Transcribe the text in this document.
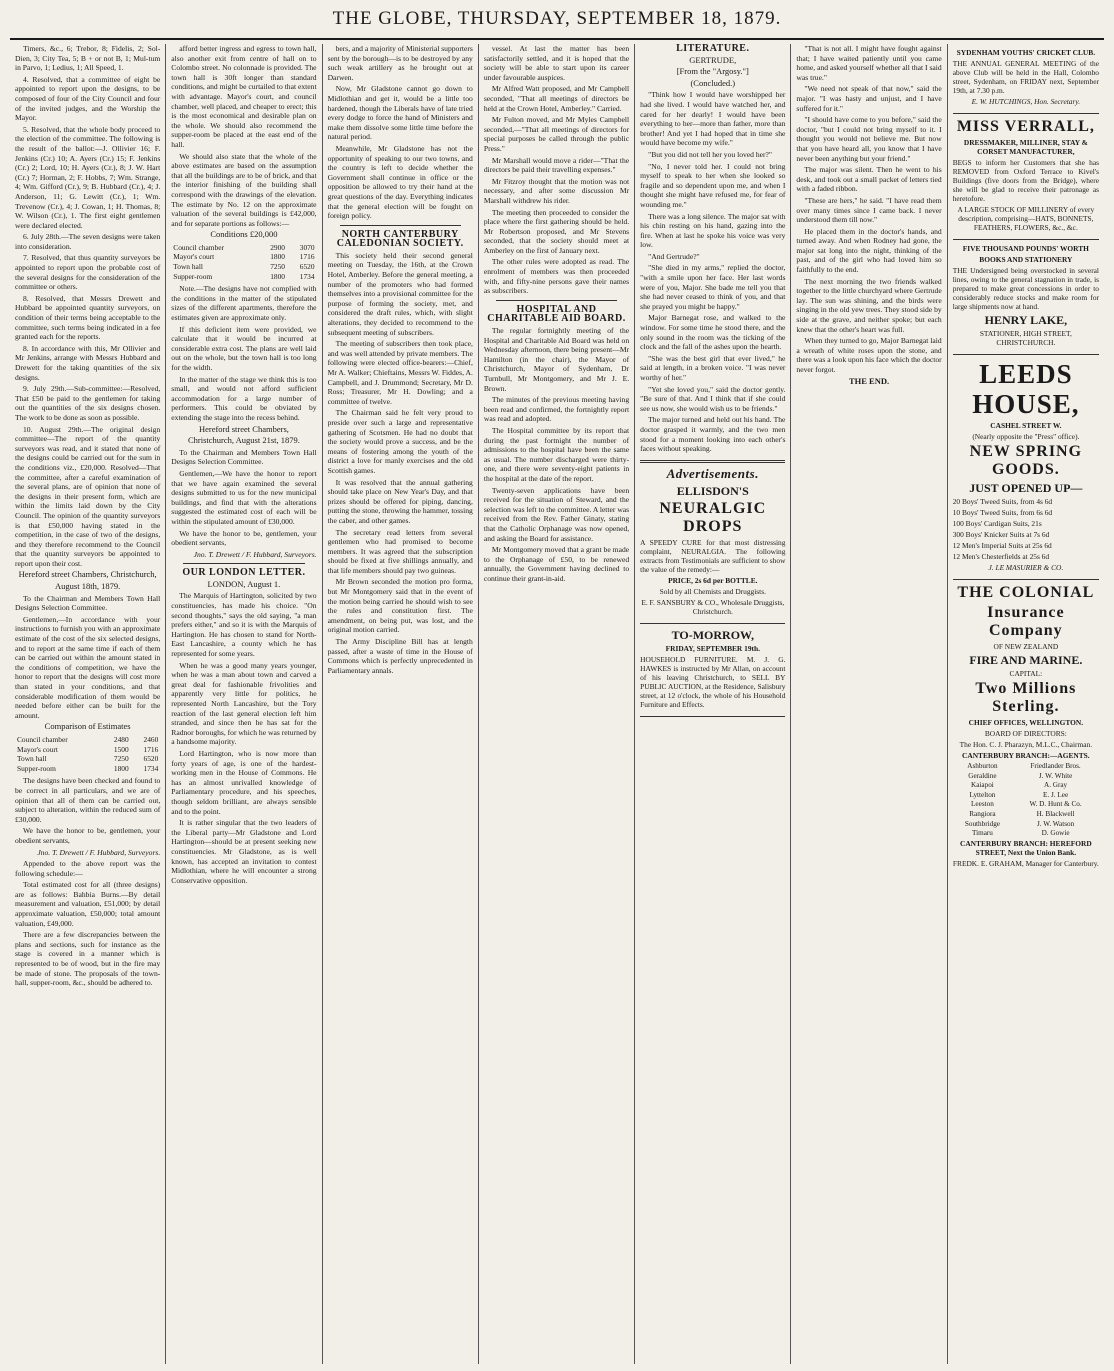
THE GLOBE, THURSDAY, SEPTEMBER 18, 1879.

Timers, &c., 6; Trebor, 8; Fidelis, 2; Sol-Dien, 3; City Tea, 5; B + or not B, 1; Mul-tum in Parvo, 1; Ledius, 1; All Speed, 1.

4. Resolved, that a committee of eight be appointed to report upon the designs, to be composed of four of the City Council and four of the invited judges, and the Worship the Mayor.

5. Resolved, that the whole body proceed to the election of the committee. The following is the result of the ballot:—J. Ollivier 16; F. Jenkins (Cr.) 10; A. Ayers (Cr.) 15; F. Jenkins (Cr.) 2; Lord, 10; H. Ayers (Cr.), 8; J. W. Hart (Cr.) 7; Horman, 2; F. Hobbs, 7; Wm. Strange, 4; Wm. Gifford (Cr.), 9; B. Hubbard (Cr.), 4; J. Anderson, 11; G. Lewitt (Cr.), 1; Wm. Trevenow (Cr.), 4; J. Cowan, 1; H. Thomas, 8; W. Wilson (Cr.), 1. The first eight gentlemen were declared elected.

6. July 28th.—The seven designs were taken into consideration.

7. Resolved, that thus quantity surveyors be appointed to report upon the probable cost of the several designs for the consideration of the committee or others.

8. Resolved, that Messrs Drewett and Hubbard be appointed quantity surveyors, on condition of their terms being acceptable to the committee, such terms being indicated in a fee granted each for the reports.

8. In accordance with this, Mr Ollivier and Mr Jenkins, arrange with Messrs Hubbard and Drewett for the taking quantities of the six designs.

9. July 29th.—Sub-committee:—Resolved, That £50 be paid to the gentlemen for taking out the quantities of the six designs chosen. The work to be done as soon as possible.

10. August 29th.—The original design committee—The report of the quantity surveyors was read, and it stated that none of the designs could be carried out for the sum in the conditions viz., £20,000. Resolved—That the committee, after a careful examination of the several plans, are of opinion that none of the designs in their present form, which are within the limits laid down by the City Council. The opinion of the quantity surveyors is that £50,000 having stated in the competition, in the case of two of the designs, and they therefore recommend to the Council that the quantity surveyors be appointed to report upon their cost.

Hereford street Chambers, Christchurch,

August 18th, 1879.

To the Chairman and Members Town Hall Designs Selection Committee.

Gentlemen,—In accordance with your instructions to furnish you with an approximate estimate of the cost of the six selected designs, and to report at the same time if each of them can be carried out within the amount stated in the conditions of competition, we have the honor to report that the designs will cost more than stated in your conditions, and that considerable modification of them would be needed before either can be built for the amount.

Comparison of Estimates

Council chamber	2480	2460
Mayor's court	1500	1716
Town hall	7250	6520
Supper-room	1800	1734

The designs have been checked and found to be correct in all particulars, and we are of opinion that all of them can be carried out, subject to alteration, within the reduced sum of £30,000.

We have the honor to be, gentlemen, your obedient servants,

Jno. T. Drewett / F. Hubbard, Surveyors.

Appended to the above report was the following schedule:—

Total estimated cost for all (three designs) are as follows: Bahbia Burns.—By detail measurement and valuation, £51,000; by detail approximate valuation, £50,000; total amount valuation, £49,000.

There are a few discrepancies between the plans and sections, such for instance as the stage is covered in a manner which is represented to be of wood, but in the fire may be made of stone. The proposals of the town-hall, supper-room, &c., should be adhered to.

afford better ingress and egress to town hall, also another exit from centre of hall on to Colombo street. No colonnade is provided. The town hall is 30ft longer than standard conditions, and might be curtailed to that extent with advantage. Mayor's court, and council chamber, well placed, and cheaper to erect; this is the most economical and desirable plan on the whole. We should also recommend the supper-room be placed at the east end of the hall.

We should also state that the whole of the above estimates are based on the assumption that all the buildings are to be of brick, and that the interior finishing of the building shall correspond with the drawings of the elevation. The estimate by No. 12 on the approximate valuation of the several buildings is £42,000, and for separate portions as follows:—

Conditions £20,000

Council chamber	2900	3070
Mayor's court	1800	1716
Town hall	7250	6520
Supper-room	1800	1734

Note.—The designs have not complied with the conditions in the matter of the stipulated sizes of the different apartments, therefore the estimates given are approximate only.

If this deficient item were provided, we calculate that it would be incurred at considerable extra cost. The plans are well laid out on the whole, but the town hall is too long for the width.

In the matter of the stage we think this is too small, and would not afford sufficient accommodation for a large number of performers. This could be obviated by extending the stage into the recess behind.

Hereford street Chambers,

Christchurch, August 21st, 1879.

To the Chairman and Members Town Hall Designs Selection Committee.

Gentlemen,—We have the honor to report that we have again examined the several designs submitted to us for the new municipal buildings, and find that with the alterations suggested the estimated cost of each will be within the stipulated amount of £30,000.

We have the honor to be, gentlemen, your obedient servants,

Jno. T. Drewett / F. Hubbard, Surveyors.

OUR LONDON LETTER.

LONDON, August 1.

The Marquis of Hartington, solicited by two constituencies, has made his choice. "On second thoughts," says the old saying, "a man prefers either," and so it is with the Marquis of Hartington. He has chosen to stand for North-East Lancashire, a county which he has represented for some years.

When he was a good many years younger, when he was a man about town and carved a great deal for fashionable frivolities and apparently very little for politics, he represented North Lancashire, but the Tory reaction of the last general election left him stranded, and since then he has sat for the Radnor boroughs, for which he was returned by a handsome majority.

Lord Hartington, who is now more than forty years of age, is one of the hardest-working men in the House of Commons. He has an almost unrivalled knowledge of Parliamentary procedure, and his speeches, though seldom brilliant, are always sensible and to the point.

It is rather singular that the two leaders of the Liberal party—Mr Gladstone and Lord Hartington—should be at present seeking new constituencies. Mr Gladstone, as is well known, has accepted an invitation to contest Midlothian, where he will encounter a strong Conservative opposition.

bers, and a majority of Ministerial supporters sent by the borough—is to be destroyed by any such weak artillery as he brought out at Darwen.

Now, Mr Gladstone cannot go down to Midlothian and get it, would be a little too hardened, though the Liberals have of late tried every dodge to force the hand of Ministers and make them dissolve some little time before the natural period.

Meanwhile, Mr Gladstone has not the opportunity of speaking to our two towns, and the country is left to decide whether the Government shall continue in office or the opposition be allowed to try their hand at the great questions of the day. Everything indicates that the general election will be fought on foreign policy.

NORTH CANTERBURY CALEDONIAN SOCIETY.

This society held their second general meeting on Tuesday, the 16th, at the Crown Hotel, Amberley. Before the general meeting, a number of the promoters who had formed themselves into a provisional committee for the purpose of forming the society, met, and considered the draft rules, which, with slight alterations, they decided to recommend to the subsequent meeting of subscribers.

The meeting of subscribers then took place, and was well attended by private members. The following were elected office-bearers:—Chief, Mr A. Walker; Chieftains, Messrs W. Fiddes, A. Campbell, and J. Drummond; Secretary, Mr D. Ross; Treasurer, Mr H. Dowling; and a committee of twelve.

The Chairman said he felt very proud to preside over such a large and representative gathering of Scotsmen. He had no doubt that the society would prove a success, and be the means of fostering among the youth of the district a love for manly exercises and the old Scottish games.

It was resolved that the annual gathering should take place on New Year's Day, and that prizes should be offered for piping, dancing, putting the stone, throwing the hammer, tossing the caber, and other games.

The secretary read letters from several gentlemen who had promised to become members. It was agreed that the subscription should be fixed at five shillings annually, and that life members should pay two guineas.

Mr Brown seconded the motion pro forma, but Mr Montgomery said that in the event of the motion being carried he should wish to see the rules and constitution first. The amendment, on being put, was lost, and the original motion carried.

The Army Discipline Bill has at length passed, after a waste of time in the House of Commons which is perfectly unprecedented in Parliamentary annals.

vessel. At last the matter has been satisfactorily settled, and it is hoped that the society will be able to start upon its career under favourable auspices.

Mr Alfred Watt proposed, and Mr Campbell seconded, "That all meetings of directors be held at the Crown Hotel, Amberley." Carried.

Mr Fulton moved, and Mr Myles Campbell seconded,—"That all meetings of directors for special purposes be called through the public Press."

Mr Marshall would move a rider—"That the directors be paid their travelling expenses."

Mr Fitzroy thought that the motion was not necessary, and after some discussion Mr Marshall withdrew his rider.

The meeting then proceeded to consider the place where the first gathering should be held. Mr Robertson proposed, and Mr Stevens seconded, that the society should meet at Amberley on the first of January next.

The other rules were adopted as read. The enrolment of members was then proceeded with, and fifty-nine persons gave their names as subscribers.

HOSPITAL AND CHARITABLE AID BOARD.

The regular fortnightly meeting of the Hospital and Charitable Aid Board was held on Wednesday afternoon, there being present—Mr Hamilton (in the chair), the Mayor of Christchurch, Mayor of Sydenham, Dr Turnbull, Mr Montgomery, and Mr J. E. Brown.

The minutes of the previous meeting having been read and confirmed, the fortnightly report was read and adopted.

The Hospital committee by its report that during the past fortnight the number of admissions to the hospital have been the same as usual. The number discharged were thirty-one, and there were seventy-eight patients in the hospital at the date of the report.

Twenty-seven applications have been received for the situation of Steward, and the selection was left to the committee. A letter was received from the Rev. Father Ginaty, stating that the Catholic Orphanage was now opened, and asking the Board for assistance.

Mr Montgomery moved that a grant be made to the Orphanage of £50, to be renewed annually, the Government having declined to continue their grant-in-aid.

LITERATURE.

GERTRUDE,

[From the "Argosy."]

(Concluded.)

"Think how I would have worshipped her had she lived. I would have watched her, and cared for her dearly! I would have been everything to her—more than father, more than brother! And yet I had hoped that in time she would have become my wife."

"But you did not tell her you loved her?"

"No, I never told her. I could not bring myself to speak to her when she looked so fragile and so dependent upon me, and when I thought she might have refused me, for fear of wounding me."

There was a long silence. The major sat with his chin resting on his hand, gazing into the fire. When at last he spoke his voice was very low.

"And Gertrude?"

"She died in my arms," replied the doctor, "with a smile upon her face. Her last words were of you, Major. She bade me tell you that she had never ceased to think of you, and that she prayed you might be happy."

Major Barnegat rose, and walked to the window. For some time he stood there, and the only sound in the room was the ticking of the clock and the fall of the ashes upon the hearth.

"She was the best girl that ever lived," he said at length, in a broken voice. "I was never worthy of her."

"Yet she loved you," said the doctor gently. "Be sure of that. And I think that if she could see us now, she would wish us to be friends."

The major turned and held out his hand. The doctor grasped it warmly, and the two men stood for a moment looking into each other's faces without speaking.

Advertisements.

ELLISDON'S

NEURALGIC DROPS

A SPEEDY CURE for that most distressing complaint, NEURALGIA. The following extracts from Testimonials are sufficient to show the value of the remedy:—

PRICE, 2s 6d per BOTTLE.

Sold by all Chemists and Druggists.

E. F. SANSBURY & CO., Wholesale Druggists, Christchurch.

TO-MORROW,

FRIDAY, SEPTEMBER 19th.

HOUSEHOLD FURNITURE. M. J. G. HAWKES is instructed by Mr Allan, on account of his leaving Christchurch, to SELL BY PUBLIC AUCTION, at the Residence, Salisbury street, at 12 o'clock, the whole of his Household Furniture and Effects.

"That is not all. I might have fought against that; I have waited patiently until you came home, and asked yourself whether all that I said was true."

"We need not speak of that now," said the major. "I was hasty and unjust, and I have suffered for it."

"I should have come to you before," said the doctor, "but I could not bring myself to it. I thought you would not believe me. But now that you have heard all, you know that I have never been anything but your friend."

The major was silent. Then he went to his desk, and took out a small packet of letters tied with a faded ribbon.

"These are hers," he said. "I have read them over many times since I came back. I never understood them till now."

He placed them in the doctor's hands, and turned away. And when Rodney had gone, the major sat long into the night, thinking of the past, and of the girl who had loved him so faithfully to the end.

The next morning the two friends walked together to the little churchyard where Gertrude lay. The sun was shining, and the birds were singing in the old yew trees. They stood side by side at the grave, and neither spoke; but each knew that the other's heart was full.

When they turned to go, Major Barnegat laid a wreath of white roses upon the stone, and there was a look upon his face which the doctor never forgot.

THE END.

SYDENHAM YOUTHS' CRICKET CLUB.

THE ANNUAL GENERAL MEETING of the above Club will be held in the Hall, Colombo street, Sydenham, on FRIDAY next, September 19th, at 7.30 p.m.

E. W. HUTCHINGS, Hon. Secretary.

MISS VERRALL,

DRESSMAKER, MILLINER, STAY & CORSET MANUFACTURER,

BEGS to inform her Customers that she has REMOVED from Oxford Terrace to Kivel's Buildings (five doors from the Bridge), where she will be glad to receive their patronage as heretofore.

A LARGE STOCK OF MILLINERY of every description, comprising—HATS, BONNETS, FEATHERS, FLOWERS, &c., &c.

FIVE THOUSAND POUNDS' WORTH

BOOKS AND STATIONERY

THE Undersigned being overstocked in several lines, owing to the general stagnation in trade, is prepared to make great concessions in order to considerably reduce stocks and make room for large shipments now at hand.

HENRY LAKE,

STATIONER, HIGH STREET, CHRISTCHURCH.

LEEDS HOUSE,

CASHEL STREET W.

(Nearly opposite the "Press" office).

NEW SPRING GOODS.

JUST OPENED UP—

20 Boys' Tweed Suits, from 4s 6d

10 Boys' Tweed Suits, from 6s 6d

100 Boys' Cardigan Suits, 21s

300 Boys' Knicker Suits at 7s 6d

12 Men's Imperial Suits at 25s 6d

12 Men's Chesterfields at 25s 6d

J. LE MASURIER & CO.

THE COLONIAL

Insurance Company

OF NEW ZEALAND

FIRE AND MARINE.

CAPITAL:

Two Millions Sterling.

CHIEF OFFICES, WELLINGTON.

BOARD OF DIRECTORS:

The Hon. C. J. Pharazyn, M.L.C., Chairman.

CANTERBURY BRANCH:—AGENTS.

Ashburton	Friedlander Bros.
Geraldine	J. W. White
Kaiapoi	A. Gray
Lyttelton	E. J. Lee
Leeston	W. D. Hunt & Co.
Rangiora	H. Blackwell
Southbridge	J. W. Watson
Timaru	D. Gowie

CANTERBURY BRANCH: HEREFORD STREET, Next the Union Bank.

FREDK. E. GRAHAM, Manager for Canterbury.
